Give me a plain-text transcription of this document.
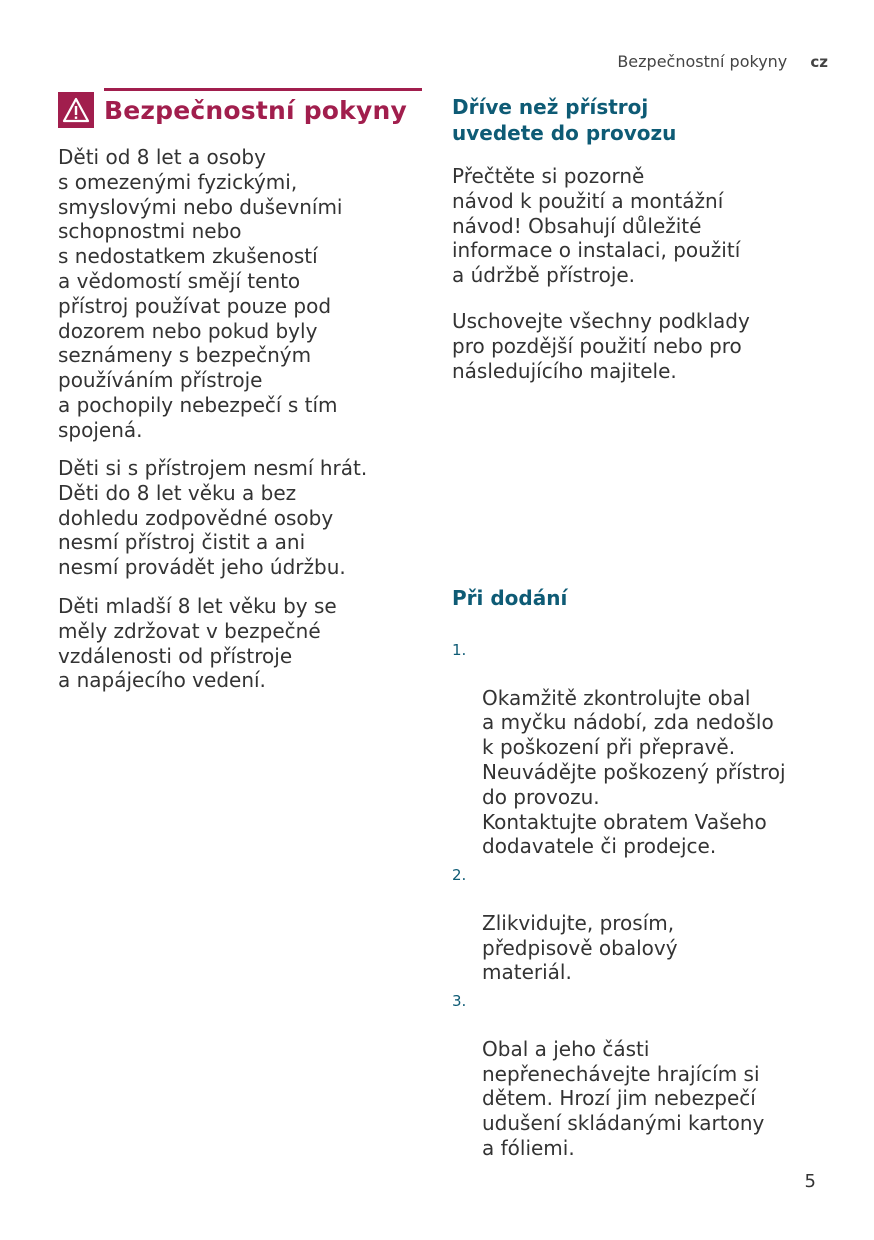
Bezpečnostní pokyny cz
Bezpečnostní pokyny
Děti od 8 let a osoby
s omezenými fyzickými,
smyslovými nebo duševními
schopnostmi nebo
s nedostatkem zkušeností
a vědomostí smějí tento
přístroj používat pouze pod
dozorem nebo pokud byly
seznámeny s bezpečným
používáním přístroje
a pochopily nebezpečí s tím
spojená.
Děti si s přístrojem nesmí hrát.
Děti do 8 let věku a bez
dohledu zodpovědné osoby
nesmí přístroj čistit a ani
nesmí provádět jeho údržbu.
Děti mladší 8 let věku by se
měly zdržovat v bezpečné
vzdálenosti od přístroje
a napájecího vedení.
Dříve než přístroj
uvedete do provozu
Přečtěte si pozorně
návod k použití a montážní
návod! Obsahují důležité
informace o instalaci, použití
a údržbě přístroje.
Uschovejte všechny podklady
pro pozdější použití nebo pro
následujícího majitele.
Při dodání

1.

Okamžitě zkontrolujte obal
a myčku nádobí, zda nedošlo
k poškození při přepravě.
Neuvádějte poškozený přístroj
do provozu.
Kontaktujte obratem Vašeho
dodavatele či prodejce.

2.

Zlikvidujte, prosím,
předpisově obalový
materiál.

3.

Obal a jeho části
nepřenechávejte hrajícím si
dětem. Hrozí jim nebezpečí
udušení skládanými kartony
a fóliemi.

5
